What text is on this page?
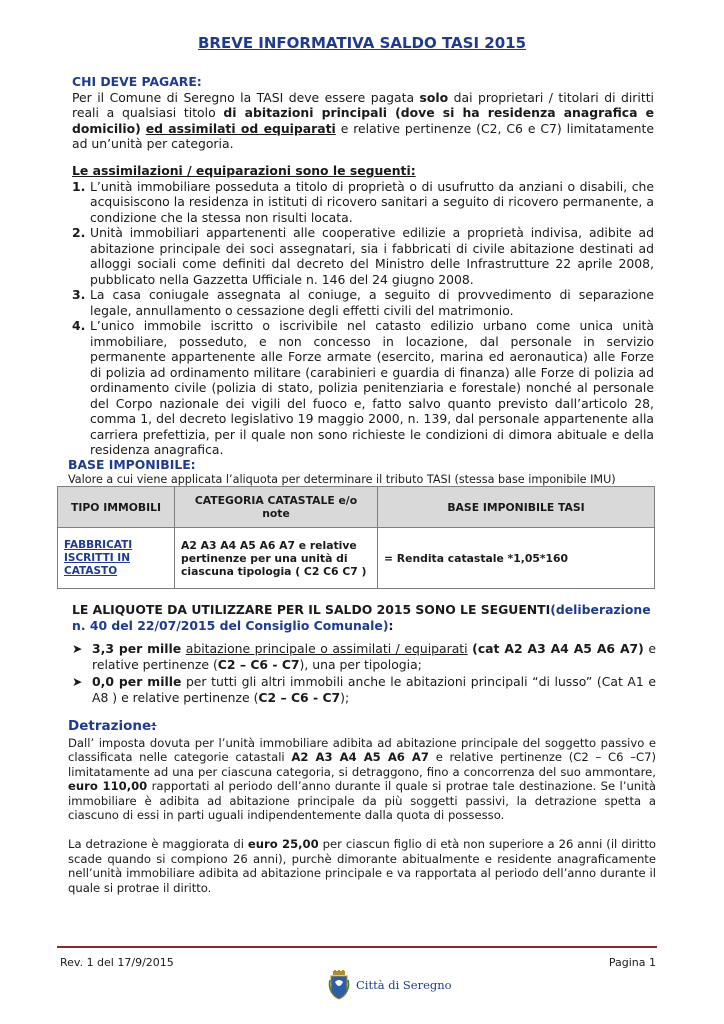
BREVE INFORMATIVA SALDO TASI 2015
CHI DEVE PAGARE:
Per il Comune di Seregno la TASI deve essere pagata solo dai proprietari / titolari di diritti reali a qualsiasi titolo di abitazioni principali (dove si ha residenza anagrafica e domicilio) ed assimilati od equiparati e relative pertinenze (C2, C6 e C7) limitatamente ad un’unità per categoria.
Le assimilazioni / equiparazioni sono le seguenti:
1. L’unità immobiliare posseduta a titolo di proprietà o di usufrutto da anziani o disabili, che acquisiscono la residenza in istituti di ricovero sanitari a seguito di ricovero permanente, a condizione che la stessa non risulti locata.
2. Unità immobiliari appartenenti alle cooperative edilizie a proprietà indivisa, adibite ad abitazione principale dei soci assegnatari, sia i fabbricati di civile abitazione destinati ad alloggi sociali come definiti dal decreto del Ministro delle Infrastrutture 22 aprile 2008, pubblicato nella Gazzetta Ufficiale n. 146 del 24 giugno 2008.
3. La casa coniugale assegnata al coniuge, a seguito di provvedimento di separazione legale, annullamento o cessazione degli effetti civili del matrimonio.
4. L’unico immobile iscritto o iscrivibile nel catasto edilizio urbano come unica unità immobiliare, posseduto, e non concesso in locazione, dal personale in servizio permanente appartenente alle Forze armate (esercito, marina ed aeronautica) alle Forze di polizia ad ordinamento militare (carabinieri e guardia di finanza) alle Forze di polizia ad ordinamento civile (polizia di stato, polizia penitenziaria e forestale) nonché al personale del Corpo nazionale dei vigili del fuoco e, fatto salvo quanto previsto dall’articolo 28, comma 1, del decreto legislativo 19 maggio 2000, n. 139, dal personale appartenente alla carriera prefettizia, per il quale non sono richieste le condizioni di dimora abituale e della residenza anagrafica.
BASE IMPONIBILE:
Valore a cui viene applicata l’aliquota per determinare il tributo TASI (stessa base imponibile IMU)
TIPO IMMOBILI	CATEGORIA CATASTALE e/o note	BASE IMPONIBILE TASI
FABBRICATI ISCRITTI IN CATASTO	A2 A3 A4 A5 A6 A7 e relative pertinenze per una unità di ciascuna tipologia ( C2 C6 C7 )	= Rendita catastale *1,05*160
LE ALIQUOTE DA UTILIZZARE PER IL SALDO 2015 SONO LE SEGUENTI(deliberazione n. 40 del 22/07/2015 del Consiglio Comunale):
➤ 3,3 per mille abitazione principale o assimilati / equiparati (cat A2 A3 A4 A5 A6 A7) e relative pertinenze (C2 – C6 - C7), una per tipologia;
➤ 0,0 per mille per tutti gli altri immobili anche le abitazioni principali “di lusso” (Cat A1 e A8 ) e relative pertinenze (C2 – C6 - C7);
Detrazione:
Dall’ imposta dovuta per l’unità immobiliare adibita ad abitazione principale del soggetto passivo e classificata nelle categorie catastali A2 A3 A4 A5 A6 A7 e relative pertinenze (C2 – C6 –C7) limitatamente ad una per ciascuna categoria, si detraggono, fino a concorrenza del suo ammontare, euro 110,00 rapportati al periodo dell’anno durante il quale si protrae tale destinazione. Se l’unità immobiliare è adibita ad abitazione principale da più soggetti passivi, la detrazione spetta a ciascuno di essi in parti uguali indipendentemente dalla quota di possesso.
La detrazione è maggiorata di euro 25,00 per ciascun figlio di età non superiore a 26 anni (il diritto scade quando si compiono 26 anni), purchè dimorante abitualmente e residente anagraficamente nell’unità immobiliare adibita ad abitazione principale e va rapportata al periodo dell’anno durante il quale si protrae il diritto.
Rev. 1 del 17/9/2015	Pagina 1
Città di Seregno
